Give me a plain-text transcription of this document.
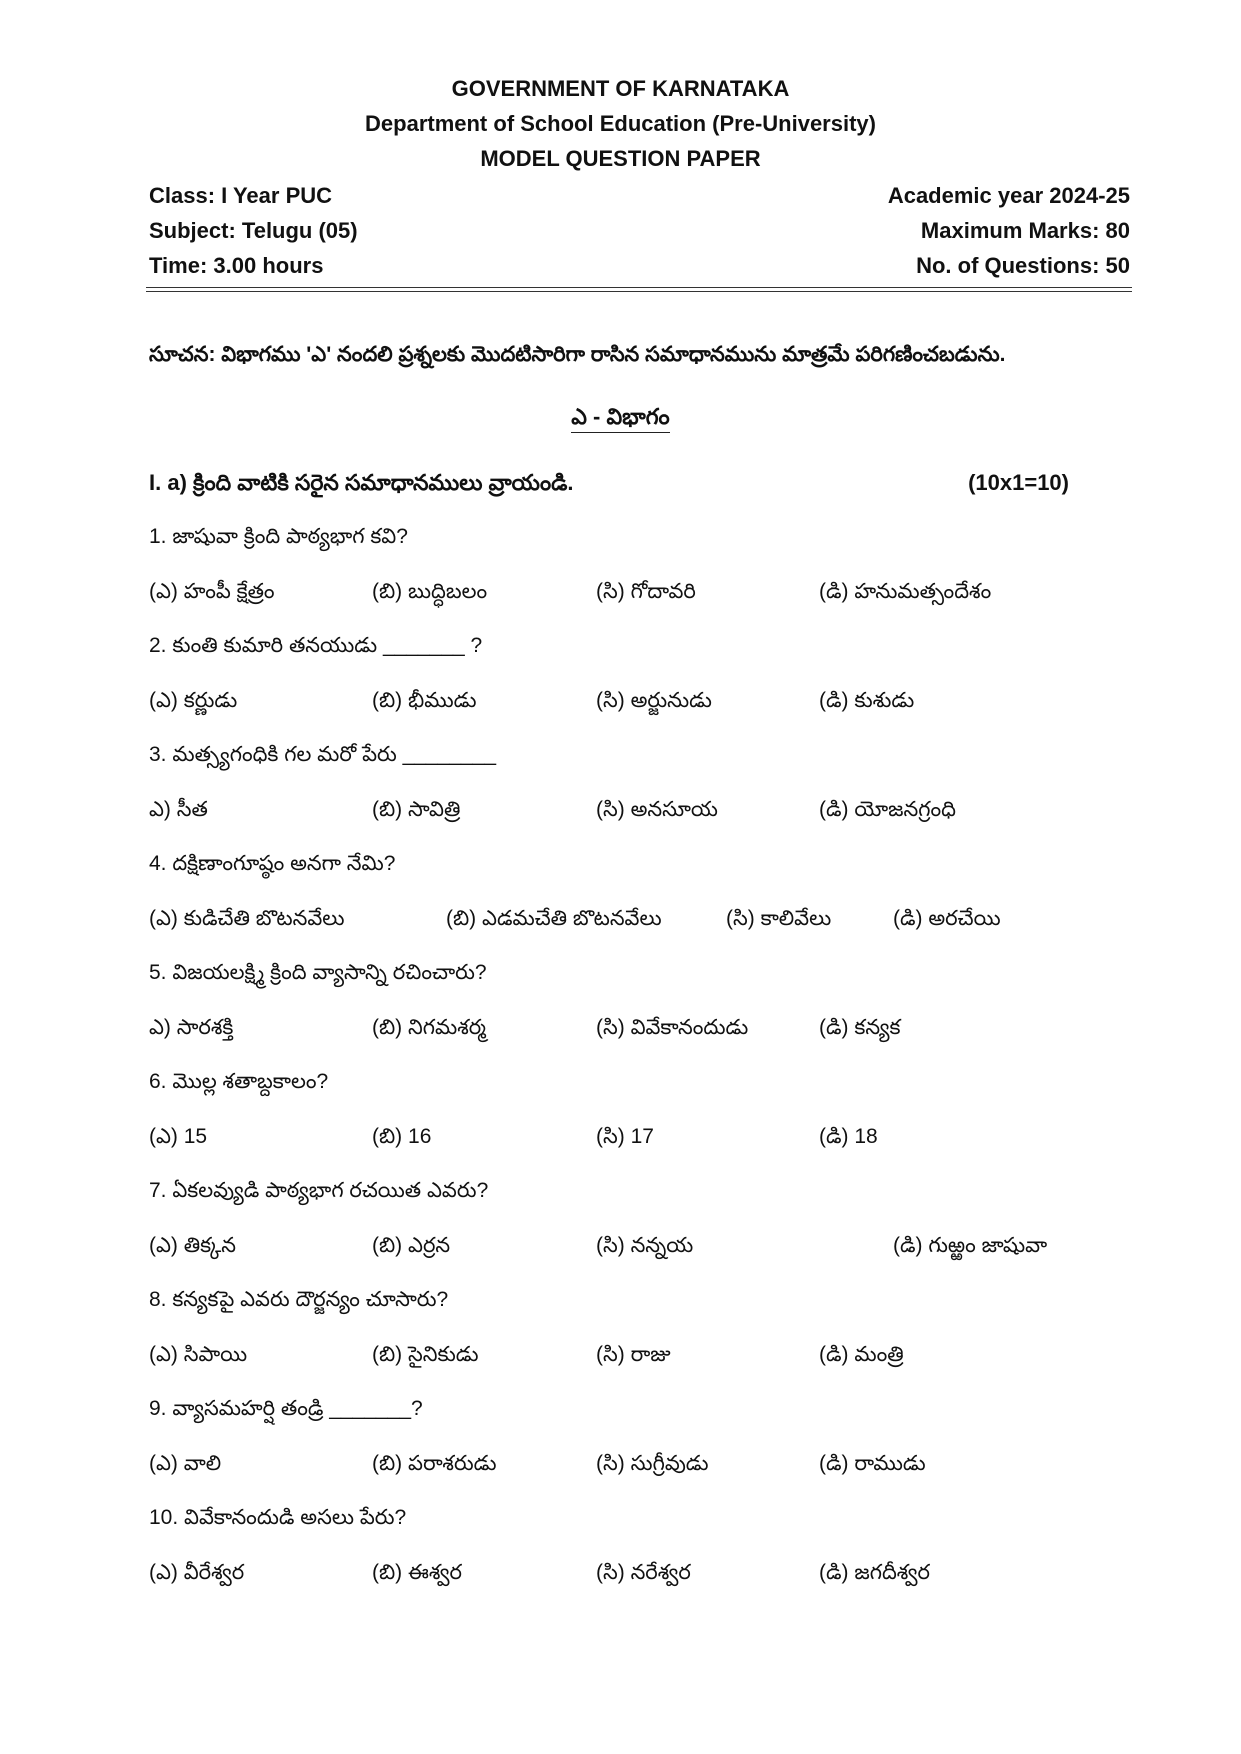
GOVERNMENT OF KARNATAKA
Department of School Education (Pre-University)
MODEL QUESTION PAPER
Class: I Year PUC
Subject: Telugu (05)
Time: 3.00 hours
Academic year 2024-25
Maximum Marks: 80
No. of Questions: 50
సూచన: విభాగము 'ఎ' నందలి ప్రశ్నలకు మొదటిసారిగా రాసిన సమాధానమును మాత్రమే పరిగణించబడును.
ఎ - విభాగం
I. a) క్రింది వాటికి సరైన సమాధానములు వ్రాయండి.	(10x1=10)
1. జాషువా క్రింది పాఠ్యభాగ కవి?
(ఎ) హంపీ క్షేత్రం	(బి) బుద్ధిబలం	(సి) గోదావరి	(డి) హనుమత్సందేశం
2. కుంతి కుమారి తనయుడు _______ ?
(ఎ) కర్ణుడు	(బి) భీముడు	(సి) అర్జునుడు	(డి) కుశుడు
3. మత్స్యగంధికి గల మరో పేరు ________
ఎ) సీత	(బి) సావిత్రి	(సి) అనసూయ	(డి) యోజనగ్రంధి
4. దక్షిణాంగూష్ఠం అనగా నేమి?
(ఎ) కుడిచేతి బొటనవేలు	(బి) ఎడమచేతి బొటనవేలు	(సి) కాలివేలు	(డి) అరచేయి
5. విజయలక్ష్మి క్రింది వ్యాసాన్ని రచించారు?
ఎ) సారశక్తి	(బి) నిగమశర్మ	(సి) వివేకానందుడు	(డి) కన్యక
6. మొల్ల శతాబ్దకాలం?
(ఎ) 15	(బి) 16	(సి) 17	(డి) 18
7. ఏకలవ్యుడి పాఠ్యభాగ రచయిత ఎవరు?
(ఎ) తిక్కన	(బి) ఎర్రన	(సి) నన్నయ	(డి) గుఱ్ఱం జాషువా
8. కన్యకపై ఎవరు దౌర్జన్యం చూసారు?
(ఎ) సిపాయి	(బి) సైనికుడు	(సి) రాజు	(డి) మంత్రి
9. వ్యాసమహర్షి తండ్రి _______?
(ఎ) వాలి	(బి) పరాశరుడు	(సి) సుగ్రీవుడు	(డి) రాముడు
10. వివేకానందుడి అసలు పేరు?
(ఎ) వీరేశ్వర	(బి) ఈశ్వర	(సి) నరేశ్వర	(డి) జగదీశ్వర
